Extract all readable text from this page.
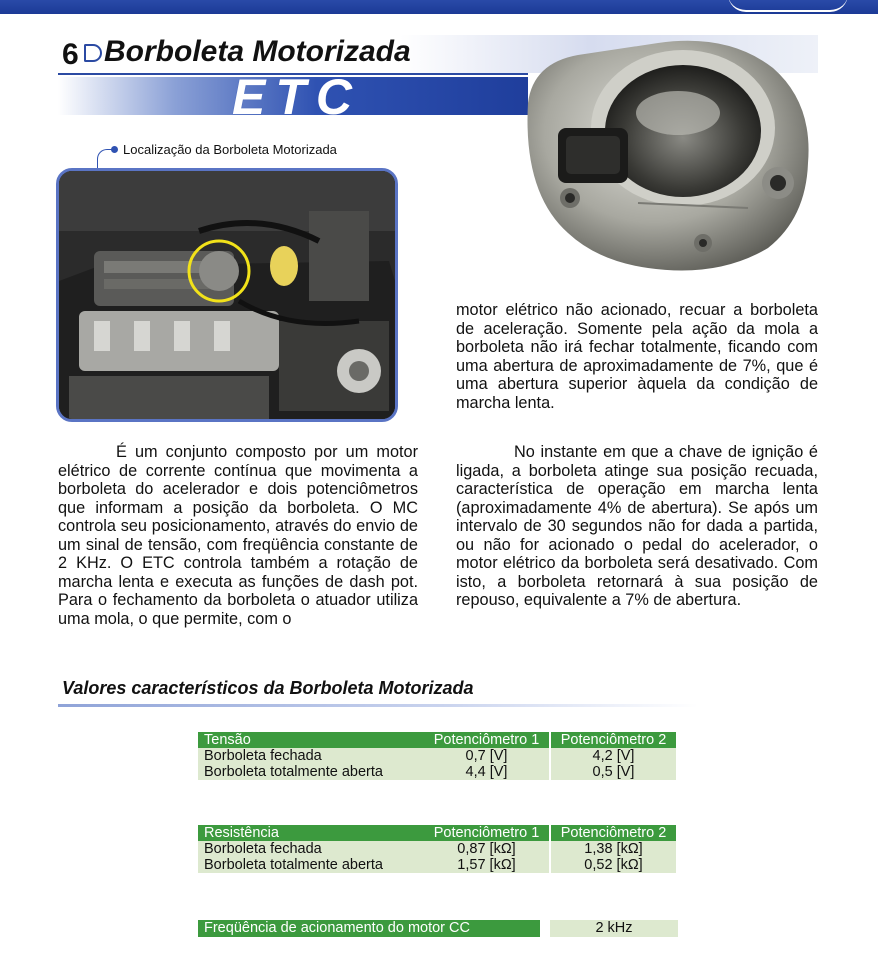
6 Borboleta Motorizada
ETC
Localização da Borboleta Motorizada
motor elétrico não acionado, recuar a borboleta de aceleração. Somente pela ação da mola a borboleta não irá fechar totalmente, ficando com uma abertura de aproximadamente de 7%, que é uma abertura superior àquela da condição de marcha lenta.
É um conjunto composto por um motor elétrico de corrente contínua que movimenta a borboleta do acelerador e dois potenciômetros que informam a posição da borboleta. O MC controla seu posicionamento, através do envio de um sinal de tensão, com freqüência constante de 2 KHz. O ETC controla também a rotação de marcha lenta e executa as funções de dash pot. Para o fechamento da borboleta o atuador utiliza uma mola, o que permite, com o
No instante em que a chave de ignição é ligada, a borboleta atinge sua posição recuada, característica de operação em marcha lenta (aproximadamente 4% de abertura). Se após um intervalo de 30 segundos não for dada a partida, ou não for acionado o pedal do acelerador, o motor elétrico da borboleta será desativado. Com isto, a borboleta retornará à sua posição de repouso, equivalente a 7% de abertura.
Valores característicos da Borboleta Motorizada
Tensão	Potenciômetro 1	Potenciômetro 2
Borboleta fechada	0,7 [V]	4,2 [V]
Borboleta totalmente aberta	4,4 [V]	0,5 [V]
Resistência	Potenciômetro 1	Potenciômetro 2
Borboleta fechada	0,87 [kΩ]	1,38 [kΩ]
Borboleta totalmente aberta	1,57 [kΩ]	0,52 [kΩ]
Freqüência de acionamento do motor CC	2 kHz
